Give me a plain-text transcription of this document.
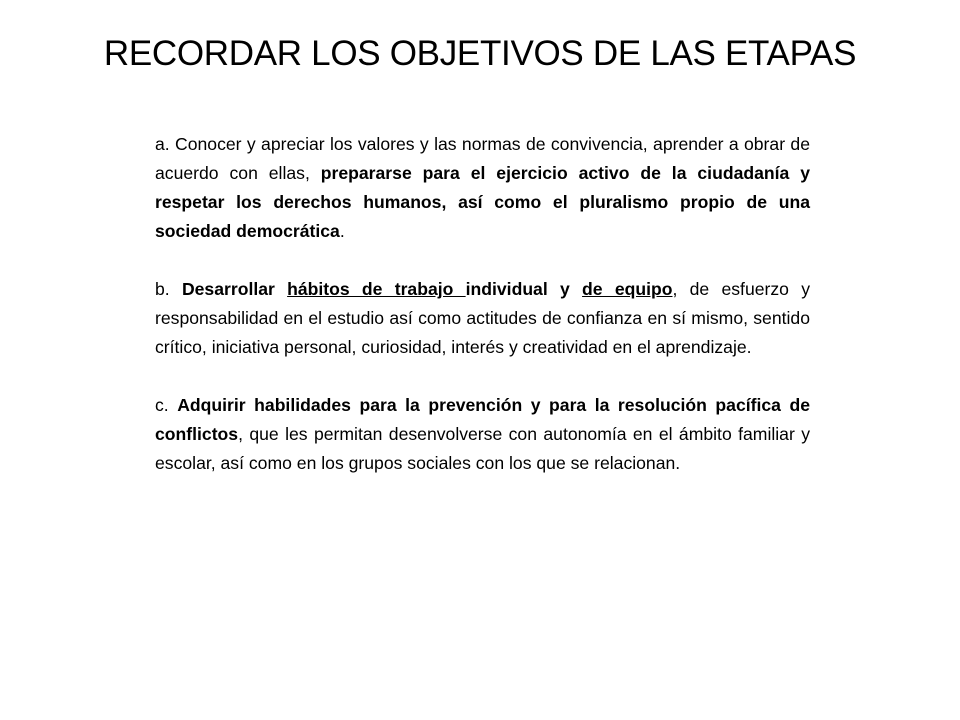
RECORDAR LOS OBJETIVOS DE LAS ETAPAS

a. Conocer y apreciar los valores y las normas de convivencia, aprender a obrar de acuerdo con ellas, prepararse para el ejercicio activo de la ciudadanía y respetar los derechos humanos, así como el pluralismo propio de una sociedad democrática.

b. Desarrollar hábitos de trabajo individual y de equipo, de esfuerzo y responsabilidad en el estudio así como actitudes de confianza en sí mismo, sentido crítico, iniciativa personal, curiosidad, interés y creatividad en el aprendizaje.

c. Adquirir habilidades para la prevención y para la resolución pacífica de conflictos, que les permitan desenvolverse con autonomía en el ámbito familiar y escolar, así como en los grupos sociales con los que se relacionan.
